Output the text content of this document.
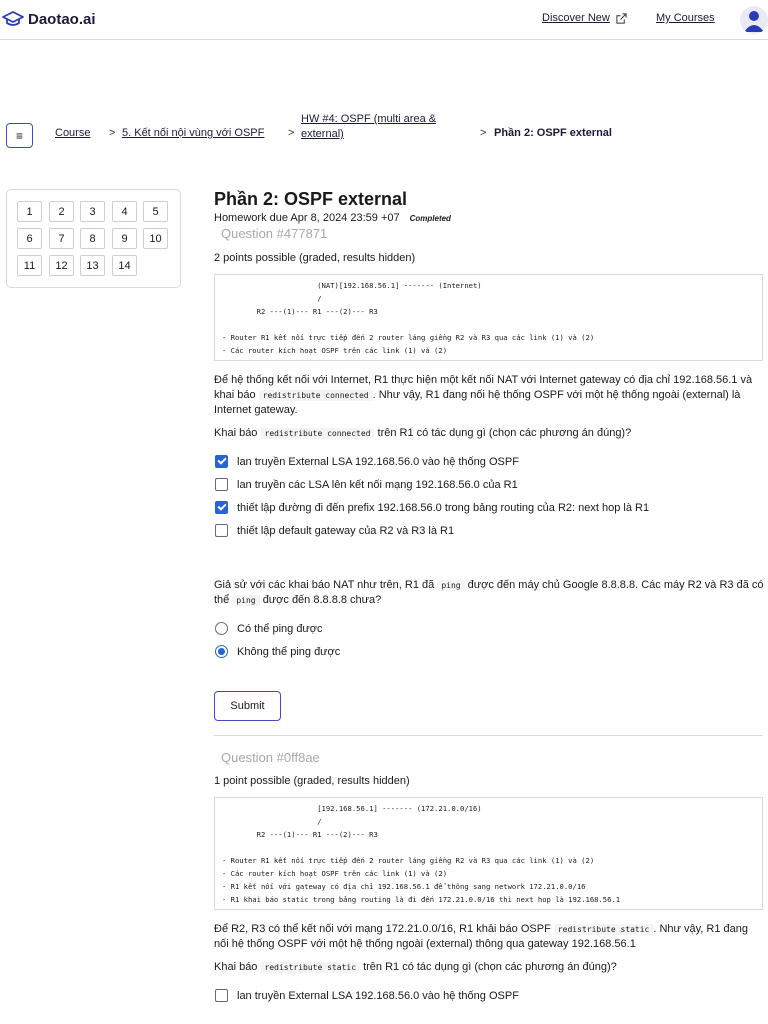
Daotao.ai	Discover New	My Courses
≡	Course > 5. Kết nối nội vùng với OSPF >
HW #4: OSPF (multi area &
external)	> Phần 2: OSPF external
1	2	3	4	5
6	7	8	9	10
11	12	13	14
Phần 2: OSPF external
Homework due Apr 8, 2024 23:59 +07 Completed
Question #477871
2 points possible (graded, results hidden)
(NAT)[192.168.56.1] ------- (Internet)
/
R2 ---(1)--- R1 ---(2)--- R3

- Router R1 kết nối trực tiếp đến 2 router láng giềng R2 và R3 qua các link (1) và (2)
- Các router kích hoạt OSPF trên các link (1) và (2)
Để hệ thống kết nối với Internet, R1 thực hiện một kết nối NAT với Internet gateway có địa chỉ 192.168.56.1 và khai báo redistribute connected . Như vậy, R1 đang nối hệ thống OSPF với một hệ thống ngoài (external) là Internet gateway.
Khai báo redistribute connected trên R1 có tác dụng gì (chọn các phương án đúng)?
lan truyền External LSA 192.168.56.0 vào hệ thống OSPF
lan truyền các LSA lên kết nối mạng 192.168.56.0 của R1
thiết lập đường đi đến prefix 192.168.56.0 trong bảng routing của R2: next hop là R1
thiết lập default gateway của R2 và R3 là R1
Giả sử với các khai báo NAT như trên, R1 đã ping được đến máy chủ Google 8.8.8.8. Các máy R2 và R3 đã có thể ping được đến 8.8.8.8 chưa?
Có thể ping được
Không thể ping được
Submit
Question #0ff8ae
1 point possible (graded, results hidden)
[192.168.56.1] ------- (172.21.0.0/16)
/
R2 ---(1)--- R1 ---(2)--- R3

- Router R1 kết nối trực tiếp đến 2 router láng giềng R2 và R3 qua các link (1) và (2)
- Các router kích hoạt OSPF trên các link (1) và (2)
- R1 kết nối với gateway có địa chỉ 192.168.56.1 để thông sang network 172.21.0.0/16
- R1 khai báo static trong bảng routing là đi đến 172.21.0.0/16 thì next hop là 192.168.56.1
Để R2, R3 có thể kết nối với mạng 172.21.0.0/16, R1 khải báo OSPF redistribute static . Như vậy, R1 đang nối hệ thống OSPF với một hệ thống ngoài (external) thông qua gateway 192.168.56.1
Khai báo redistribute static trên R1 có tác dụng gì (chọn các phương án đúng)?
lan truyền External LSA 192.168.56.0 vào hệ thống OSPF
